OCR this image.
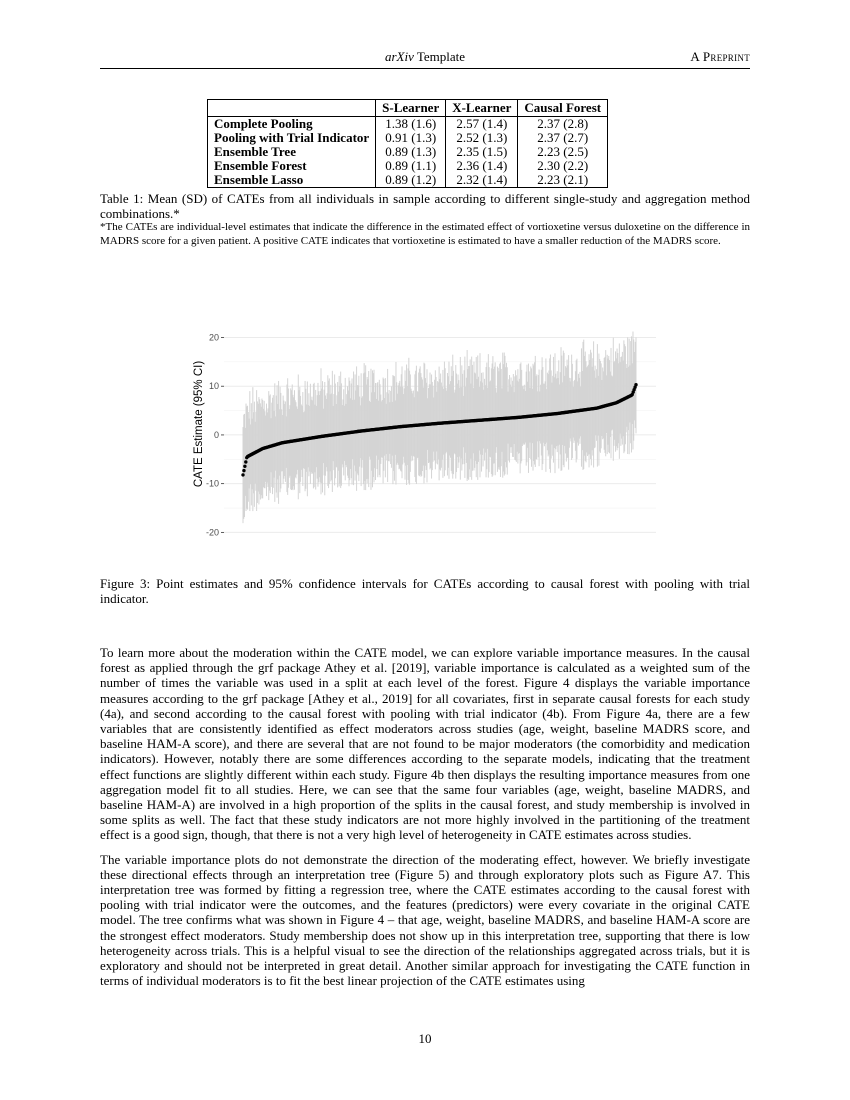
arXiv Template	A Preprint
	S-Learner	X-Learner	Causal Forest
Complete Pooling	1.38 (1.6)	2.57 (1.4)	2.37 (2.8)
Pooling with Trial Indicator	0.91 (1.3)	2.52 (1.3)	2.37 (2.7)
Ensemble Tree	0.89 (1.3)	2.35 (1.5)	2.23 (2.5)
Ensemble Forest	0.89 (1.1)	2.36 (1.4)	2.30 (2.2)
Ensemble Lasso	0.89 (1.2)	2.32 (1.4)	2.23 (2.1)
Table 1: Mean (SD) of CATEs from all individuals in sample according to different single-study and aggregation method combinations.*
*The CATEs are individual-level estimates that indicate the difference in the estimated effect of vortioxetine versus duloxetine on the difference in MADRS score for a given patient. A positive CATE indicates that vortioxetine is estimated to have a smaller reduction of the MADRS score.
-20
-10
0
10
20
CATE Estimate (95% CI)
Figure 3: Point estimates and 95% confidence intervals for CATEs according to causal forest with pooling with trial indicator.

To learn more about the moderation within the CATE model, we can explore variable importance measures. In the causal forest as applied through the grf package Athey et al. [2019], variable importance is calculated as a weighted sum of the number of times the variable was used in a split at each level of the forest. Figure 4 displays the variable importance measures according to the grf package [Athey et al., 2019] for all covariates, first in separate causal forests for each study (4a), and second according to the causal forest with pooling with trial indicator (4b). From Figure 4a, there are a few variables that are consistently identified as effect moderators across studies (age, weight, baseline MADRS score, and baseline HAM-A score), and there are several that are not found to be major moderators (the comorbidity and medication indicators). However, notably there are some differences according to the separate models, indicating that the treatment effect functions are slightly different within each study. Figure 4b then displays the resulting importance measures from one aggregation model fit to all studies. Here, we can see that the same four variables (age, weight, baseline MADRS, and baseline HAM-A) are involved in a high proportion of the splits in the causal forest, and study membership is involved in some splits as well. The fact that these study indicators are not more highly involved in the partitioning of the treatment effect is a good sign, though, that there is not a very high level of heterogeneity in CATE estimates across studies.

The variable importance plots do not demonstrate the direction of the moderating effect, however. We briefly investigate these directional effects through an interpretation tree (Figure 5) and through exploratory plots such as Figure A7. This interpretation tree was formed by fitting a regression tree, where the CATE estimates according to the causal forest with pooling with trial indicator were the outcomes, and the features (predictors) were every covariate in the original CATE model. The tree confirms what was shown in Figure 4 – that age, weight, baseline MADRS, and baseline HAM-A score are the strongest effect moderators. Study membership does not show up in this interpretation tree, supporting that there is low heterogeneity across trials. This is a helpful visual to see the direction of the relationships aggregated across trials, but it is exploratory and should not be interpreted in great detail. Another similar approach for investigating the CATE function in terms of individual moderators is to fit the best linear projection of the CATE estimates using

10
